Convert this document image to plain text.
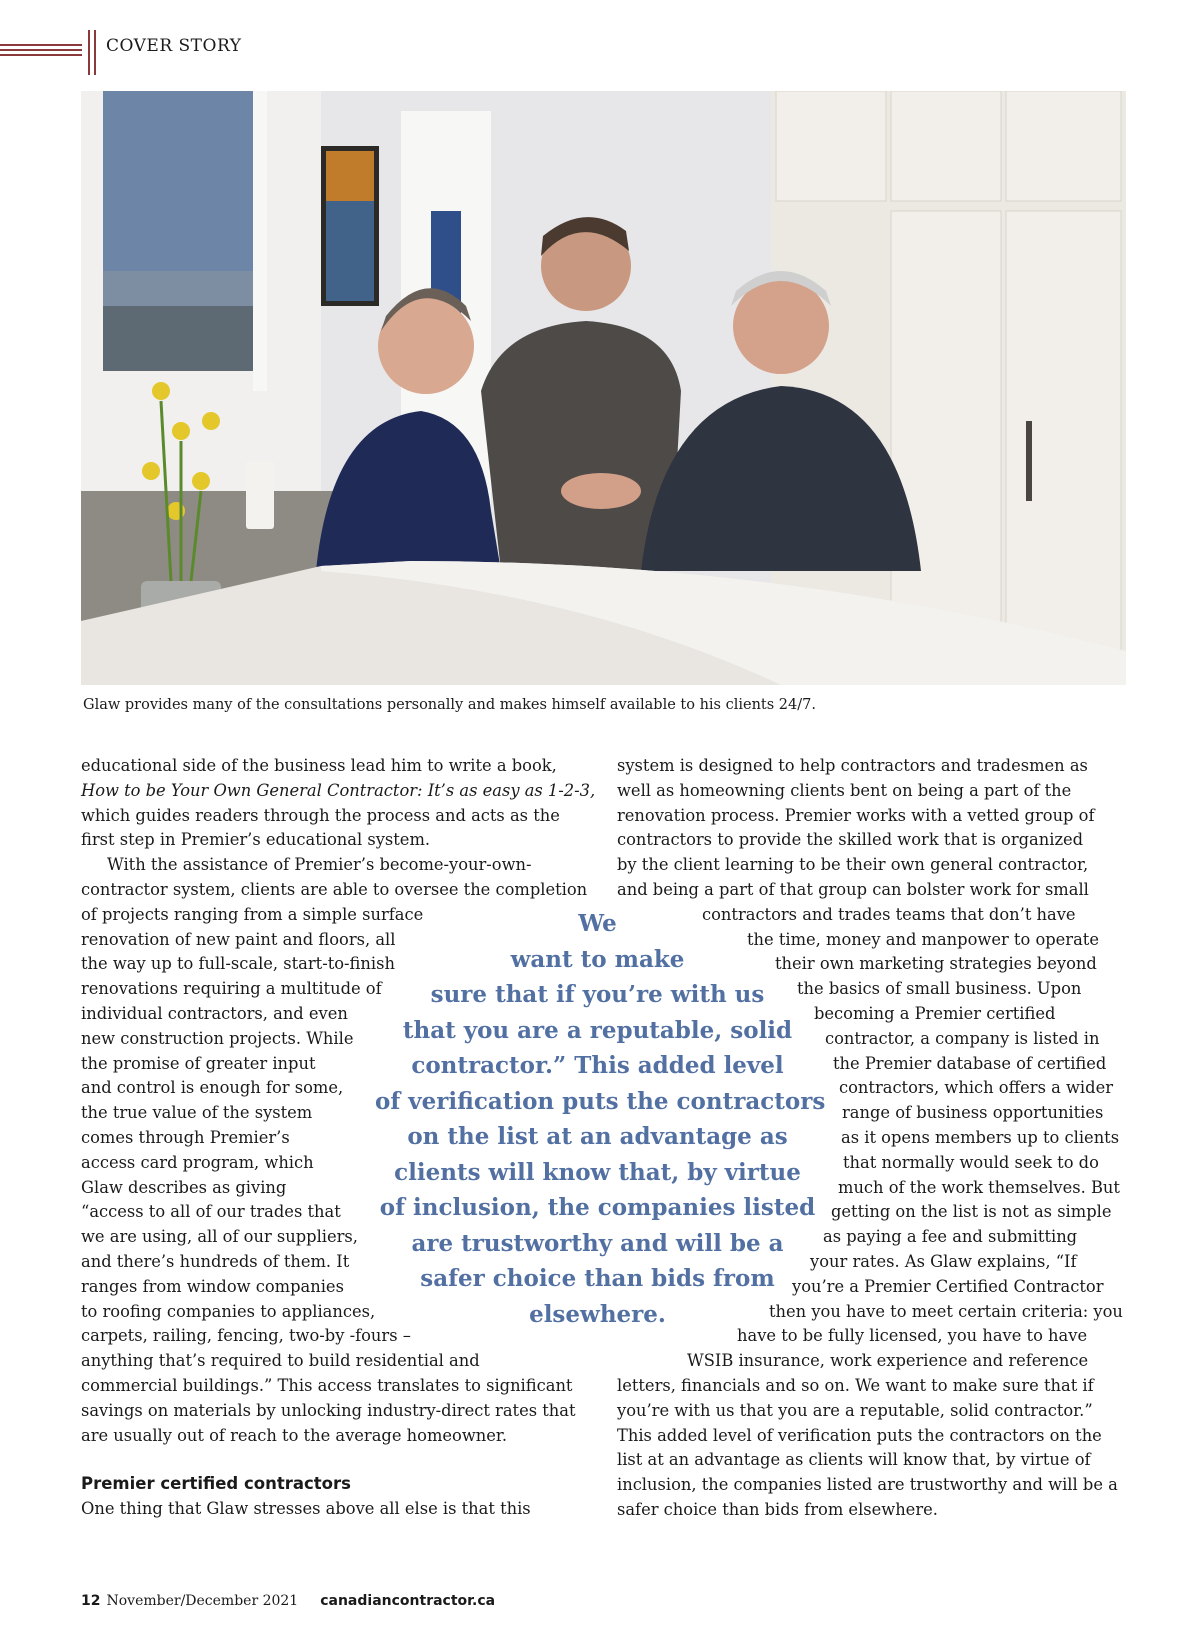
COVER STORY
Glaw provides many of the consultations personally and makes himself available to his clients 24/7.
educational side of the business lead him to write a book,
How to be Your Own General Contractor: It’s as easy as 1-2-3,
which guides readers through the process and acts as the
first step in Premier’s educational system.
With the assistance of Premier’s become-your-own-
contractor system, clients are able to oversee the completion
of projects ranging from a simple surface
renovation of new paint and floors, all
the way up to full-scale, start-to-finish
renovations requiring a multitude of
individual contractors, and even
new construction projects. While
the promise of greater input
and control is enough for some,
the true value of the system
comes through Premier’s
access card program, which
Glaw describes as giving
“access to all of our trades that
we are using, all of our suppliers,
and there’s hundreds of them. It
ranges from window companies
to roofing companies to appliances,
carpets, railing, fencing, two-by -fours –
anything that’s required to build residential and
commercial buildings.” This access translates to significant
savings on materials by unlocking industry-direct rates that
are usually out of reach to the average homeowner.
Premier certified contractors
One thing that Glaw stresses above all else is that this
system is designed to help contractors and tradesmen as
well as homeowning clients bent on being a part of the
renovation process. Premier works with a vetted group of
contractors to provide the skilled work that is organized
by the client learning to be their own general contractor,
and being a part of that group can bolster work for small
contractors and trades teams that don’t have
the time, money and manpower to operate
their own marketing strategies beyond
the basics of small business. Upon
becoming a Premier certified
contractor, a company is listed in
the Premier database of certified
contractors, which offers a wider
range of business opportunities
as it opens members up to clients
that normally would seek to do
much of the work themselves. But
getting on the list is not as simple
as paying a fee and submitting
your rates. As Glaw explains, “If
you’re a Premier Certified Contractor
then you have to meet certain criteria: you
have to be fully licensed, you have to have
WSIB insurance, work experience and reference
letters, financials and so on. We want to make sure that if
you’re with us that you are a reputable, solid contractor.”
This added level of verification puts the contractors on the
list at an advantage as clients will know that, by virtue of
inclusion, the companies listed are trustworthy and will be a
safer choice than bids from elsewhere.
We
want to make
sure that if you’re with us
that you are a reputable, solid
contractor.” This added level
of verification puts the contractors
on the list at an advantage as
clients will know that, by virtue
of inclusion, the companies listed
are trustworthy and will be a
safer choice than bids from
elsewhere.
12 November/December 2021 canadiancontractor.ca
